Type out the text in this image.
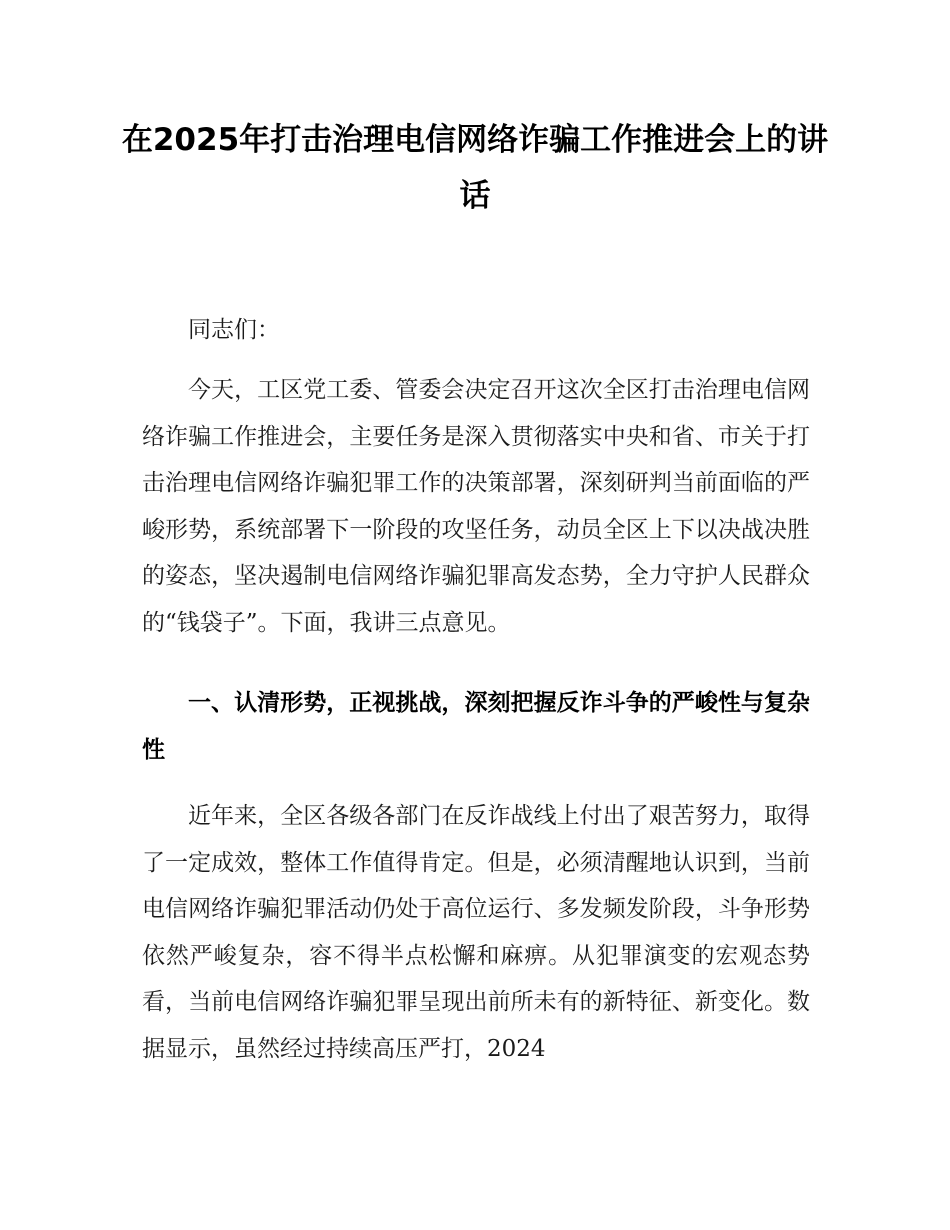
在2025年打击治理电信网络诈骗工作推进会上的讲话

同志们：

今天，工区党工委、管委会决定召开这次全区打击治理电信网络诈骗工作推进会，主要任务是深入贯彻落实中央和省、市关于打击治理电信网络诈骗犯罪工作的决策部署，深刻研判当前面临的严峻形势，系统部署下一阶段的攻坚任务，动员全区上下以决战决胜的姿态，坚决遏制电信网络诈骗犯罪高发态势，全力守护人民群众的“钱袋子”。下面，我讲三点意见。

一、认清形势，正视挑战，深刻把握反诈斗争的严峻性与复杂性

近年来，全区各级各部门在反诈战线上付出了艰苦努力，取得了一定成效，整体工作值得肯定。但是，必须清醒地认识到，当前电信网络诈骗犯罪活动仍处于高位运行、多发频发阶段，斗争形势依然严峻复杂，容不得半点松懈和麻痹。从犯罪演变的宏观态势看，当前电信网络诈骗犯罪呈现出前所未有的新特征、新变化。数据显示，虽然经过持续高压严打，2024
